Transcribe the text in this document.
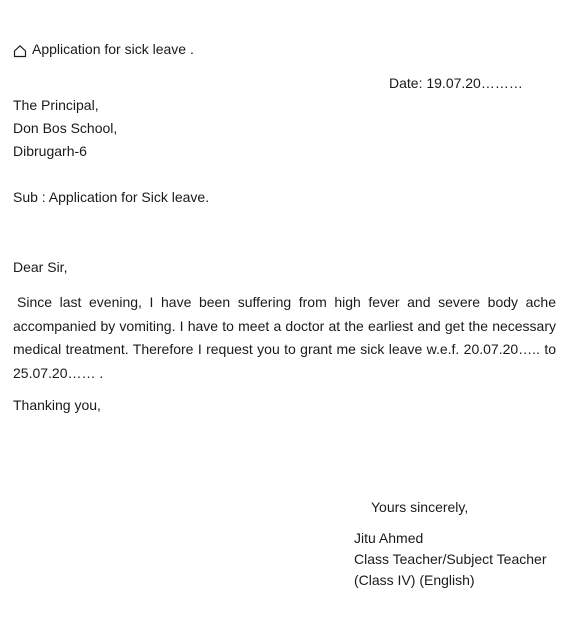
Application for sick leave .
Date: 19.07.20………
The Principal,
Don Bos School,
Dibrugarh-6
Sub : Application for Sick leave.
Dear Sir,

Since last evening, I have been suffering from high fever and severe body ache accompanied by vomiting. I have to meet a doctor at the earliest and get the necessary medical treatment. Therefore I request you to grant me sick leave w.e.f. 20.07.20….. to 25.07.20…… .

Thanking you,
Yours sincerely,
Jitu Ahmed
Class Teacher/Subject Teacher
(Class IV) (English)
